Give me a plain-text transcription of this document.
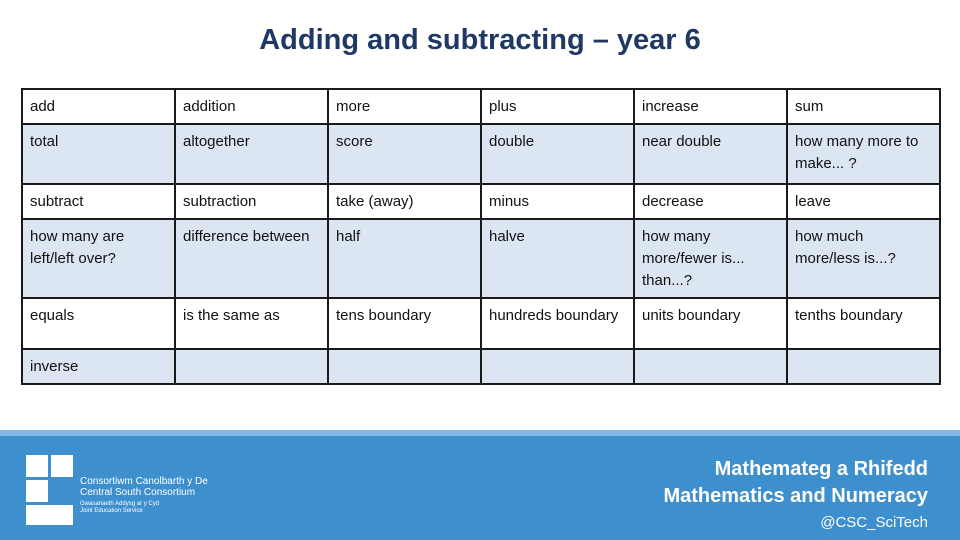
Adding and subtracting – year 6
add	addition	more	plus	increase	sum
total	altogether	score	double	near double	how many more to make... ?
subtract	subtraction	take (away)	minus	decrease	leave
how many are left/left over?	difference between	half	halve	how many more/fewer is... than...?	how much more/less is...?
equals	is the same as	tens boundary	hundreds boundary	units boundary	tenths boundary
inverse					
Consortiwm Canolbarth y De
Central South Consortium
Gwasanaeth Addysg ar y Cyd
Joint Education Service
Mathemateg a Rhifedd
Mathematics and Numeracy
@CSC_SciTech
